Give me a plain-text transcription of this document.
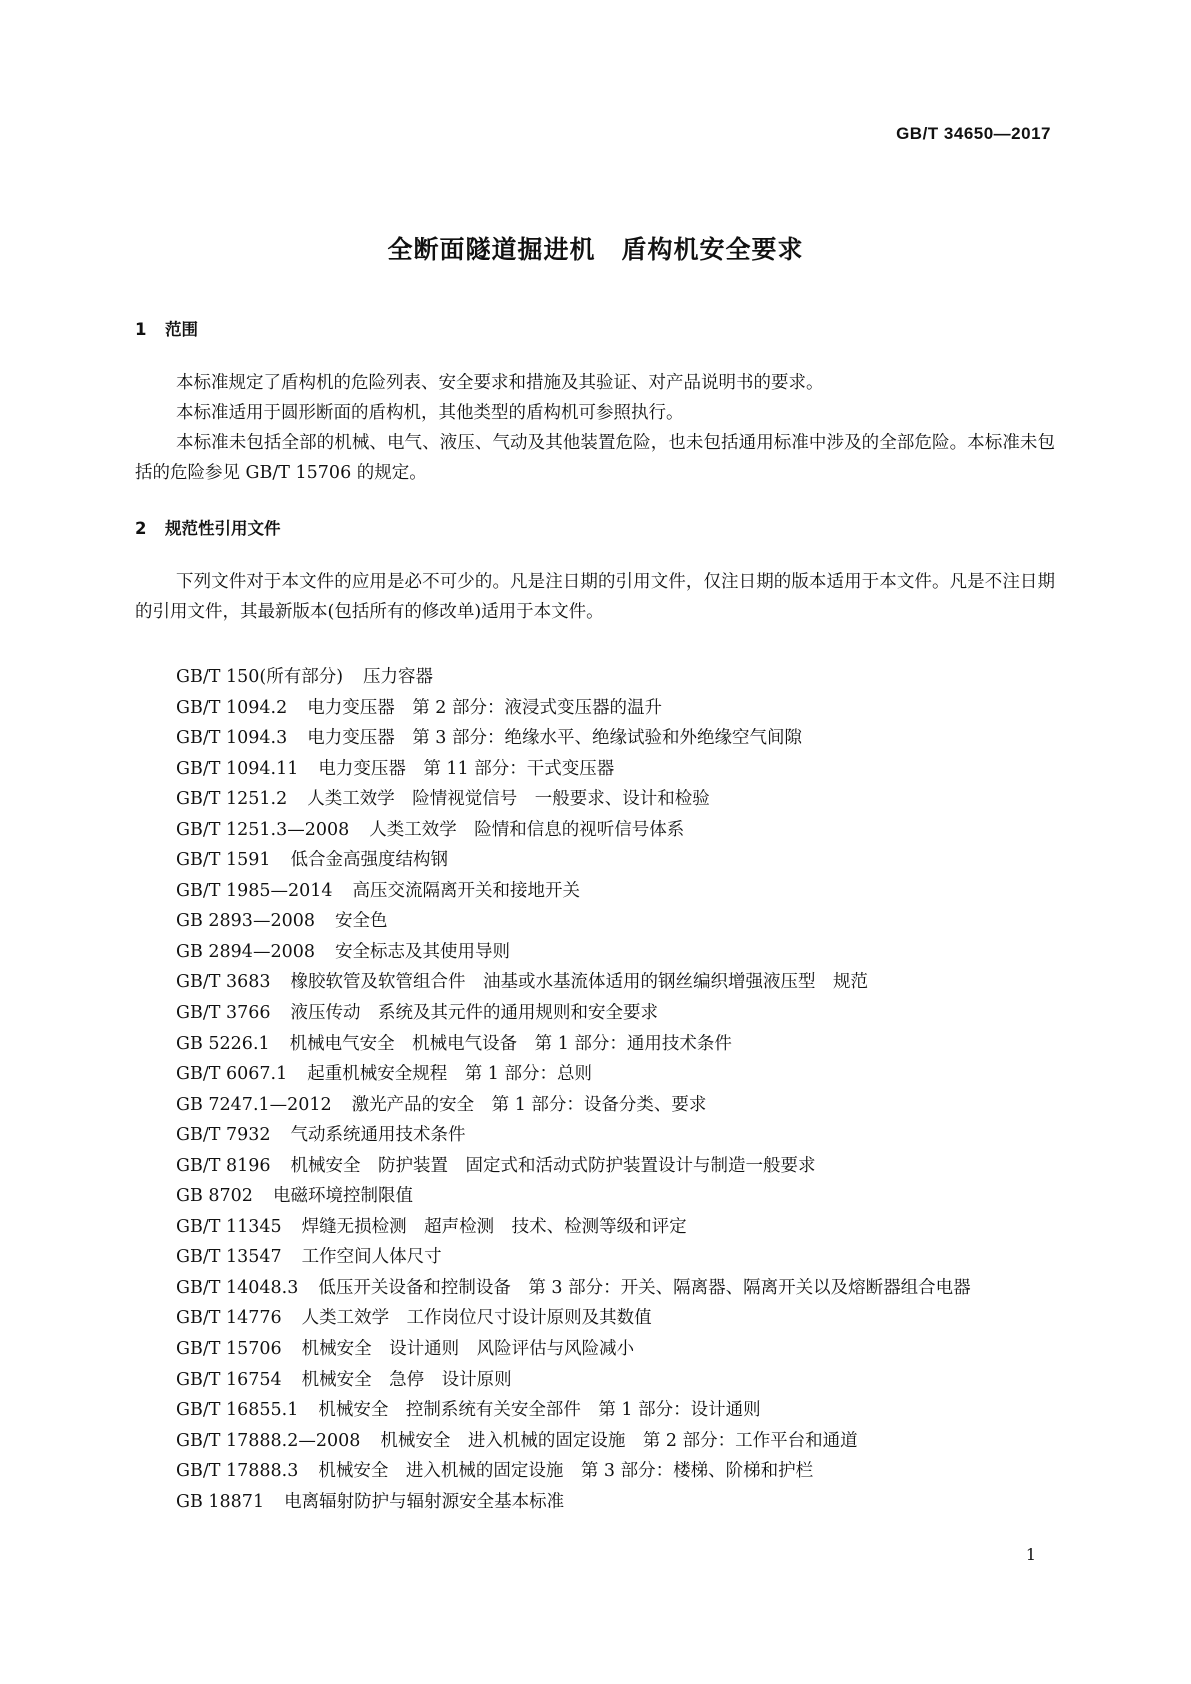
GB/T 34650—2017
全断面隧道掘进机　盾构机安全要求
1 范围

本标准规定了盾构机的危险列表、安全要求和措施及其验证、对产品说明书的要求。

本标准适用于圆形断面的盾构机，其他类型的盾构机可参照执行。

本标准未包括全部的机械、电气、液压、气动及其他装置危险，也未包括通用标准中涉及的全部危险。本标准未包括的危险参见 GB/T 15706 的规定。

2 规范性引用文件

下列文件对于本文件的应用是必不可少的。凡是注日期的引用文件，仅注日期的版本适用于本文件。凡是不注日期的引用文件，其最新版本(包括所有的修改单)适用于本文件。

GB/T 150(所有部分) 压力容器
GB/T 1094.2 电力变压器　第 2 部分：液浸式变压器的温升
GB/T 1094.3 电力变压器　第 3 部分：绝缘水平、绝缘试验和外绝缘空气间隙
GB/T 1094.11 电力变压器　第 11 部分：干式变压器
GB/T 1251.2 人类工效学　险情视觉信号　一般要求、设计和检验
GB/T 1251.3—2008 人类工效学　险情和信息的视听信号体系
GB/T 1591 低合金高强度结构钢
GB/T 1985—2014 高压交流隔离开关和接地开关
GB 2893—2008 安全色
GB 2894—2008 安全标志及其使用导则
GB/T 3683 橡胶软管及软管组合件　油基或水基流体适用的钢丝编织增强液压型　规范
GB/T 3766 液压传动　系统及其元件的通用规则和安全要求
GB 5226.1 机械电气安全　机械电气设备　第 1 部分：通用技术条件
GB/T 6067.1 起重机械安全规程　第 1 部分：总则
GB 7247.1—2012 激光产品的安全　第 1 部分：设备分类、要求
GB/T 7932 气动系统通用技术条件
GB/T 8196 机械安全　防护装置　固定式和活动式防护装置设计与制造一般要求
GB 8702 电磁环境控制限值
GB/T 11345 焊缝无损检测　超声检测　技术、检测等级和评定
GB/T 13547 工作空间人体尺寸
GB/T 14048.3 低压开关设备和控制设备　第 3 部分：开关、隔离器、隔离开关以及熔断器组合电器
GB/T 14776 人类工效学　工作岗位尺寸设计原则及其数值
GB/T 15706 机械安全　设计通则　风险评估与风险减小
GB/T 16754 机械安全　急停　设计原则
GB/T 16855.1 机械安全　控制系统有关安全部件　第 1 部分：设计通则
GB/T 17888.2—2008 机械安全　进入机械的固定设施　第 2 部分：工作平台和通道
GB/T 17888.3 机械安全　进入机械的固定设施　第 3 部分：楼梯、阶梯和护栏
GB 18871 电离辐射防护与辐射源安全基本标准
1
